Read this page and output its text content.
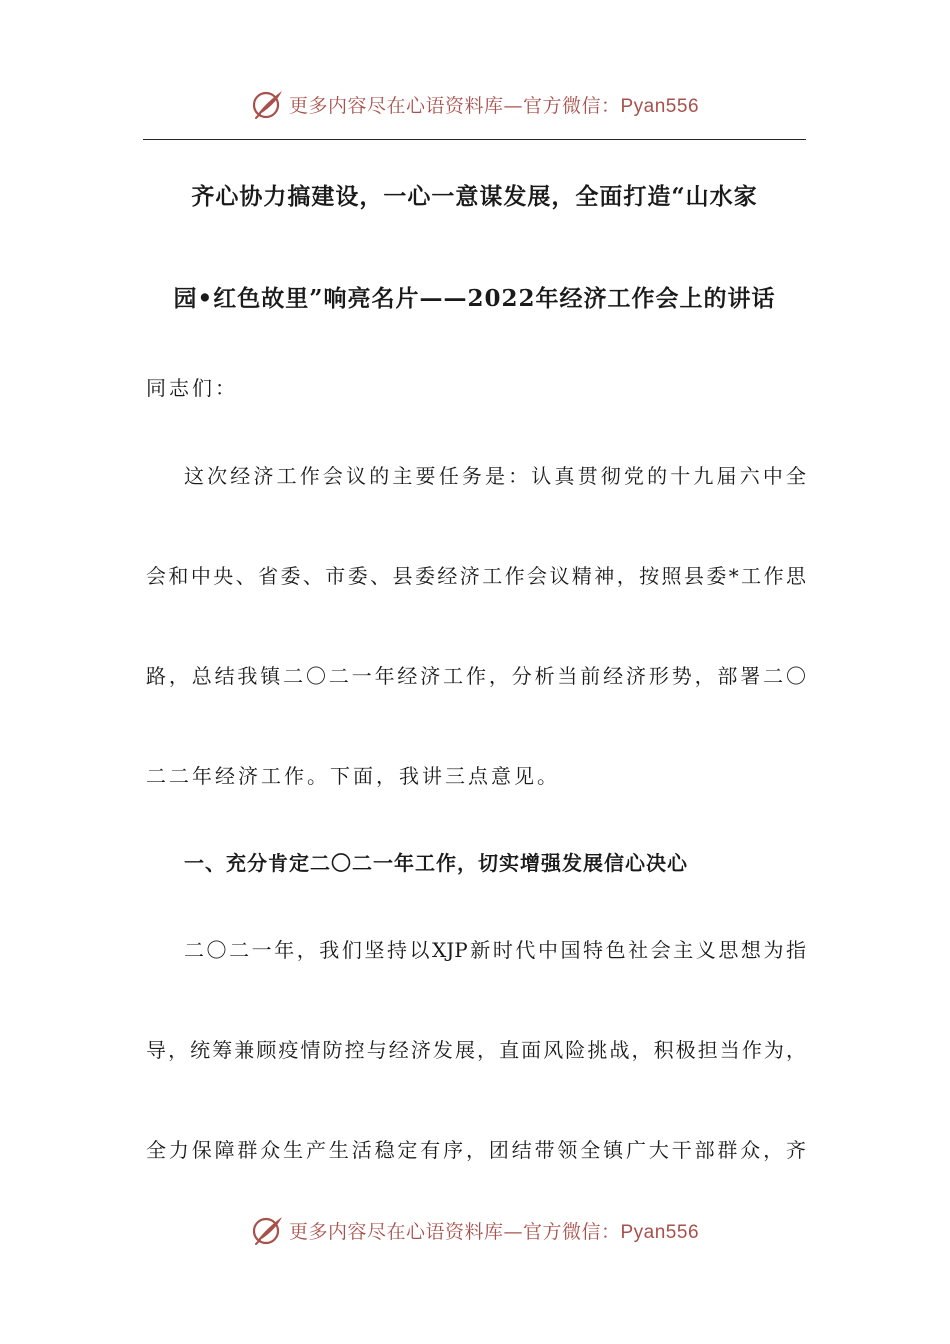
更多内容尽在心语资料库—官方微信：Pyan556
齐心协力搞建设，一心一意谋发展，全面打造“山水家
园•红色故里”响亮名片——2022年经济工作会上的讲话
同志们：
这次经济工作会议的主要任务是：认真贯彻党的十九届六中全
会和中央、省委、市委、县委经济工作会议精神，按照县委*工作思
路，总结我镇二〇二一年经济工作，分析当前经济形势，部署二〇
二二年经济工作。下面，我讲三点意见。
一、充分肯定二〇二一年工作，切实增强发展信心决心
二〇二一年，我们坚持以XJP新时代中国特色社会主义思想为指
导，统筹兼顾疫情防控与经济发展，直面风险挑战，积极担当作为，
全力保障群众生产生活稳定有序，团结带领全镇广大干部群众，齐
更多内容尽在心语资料库—官方微信：Pyan556
